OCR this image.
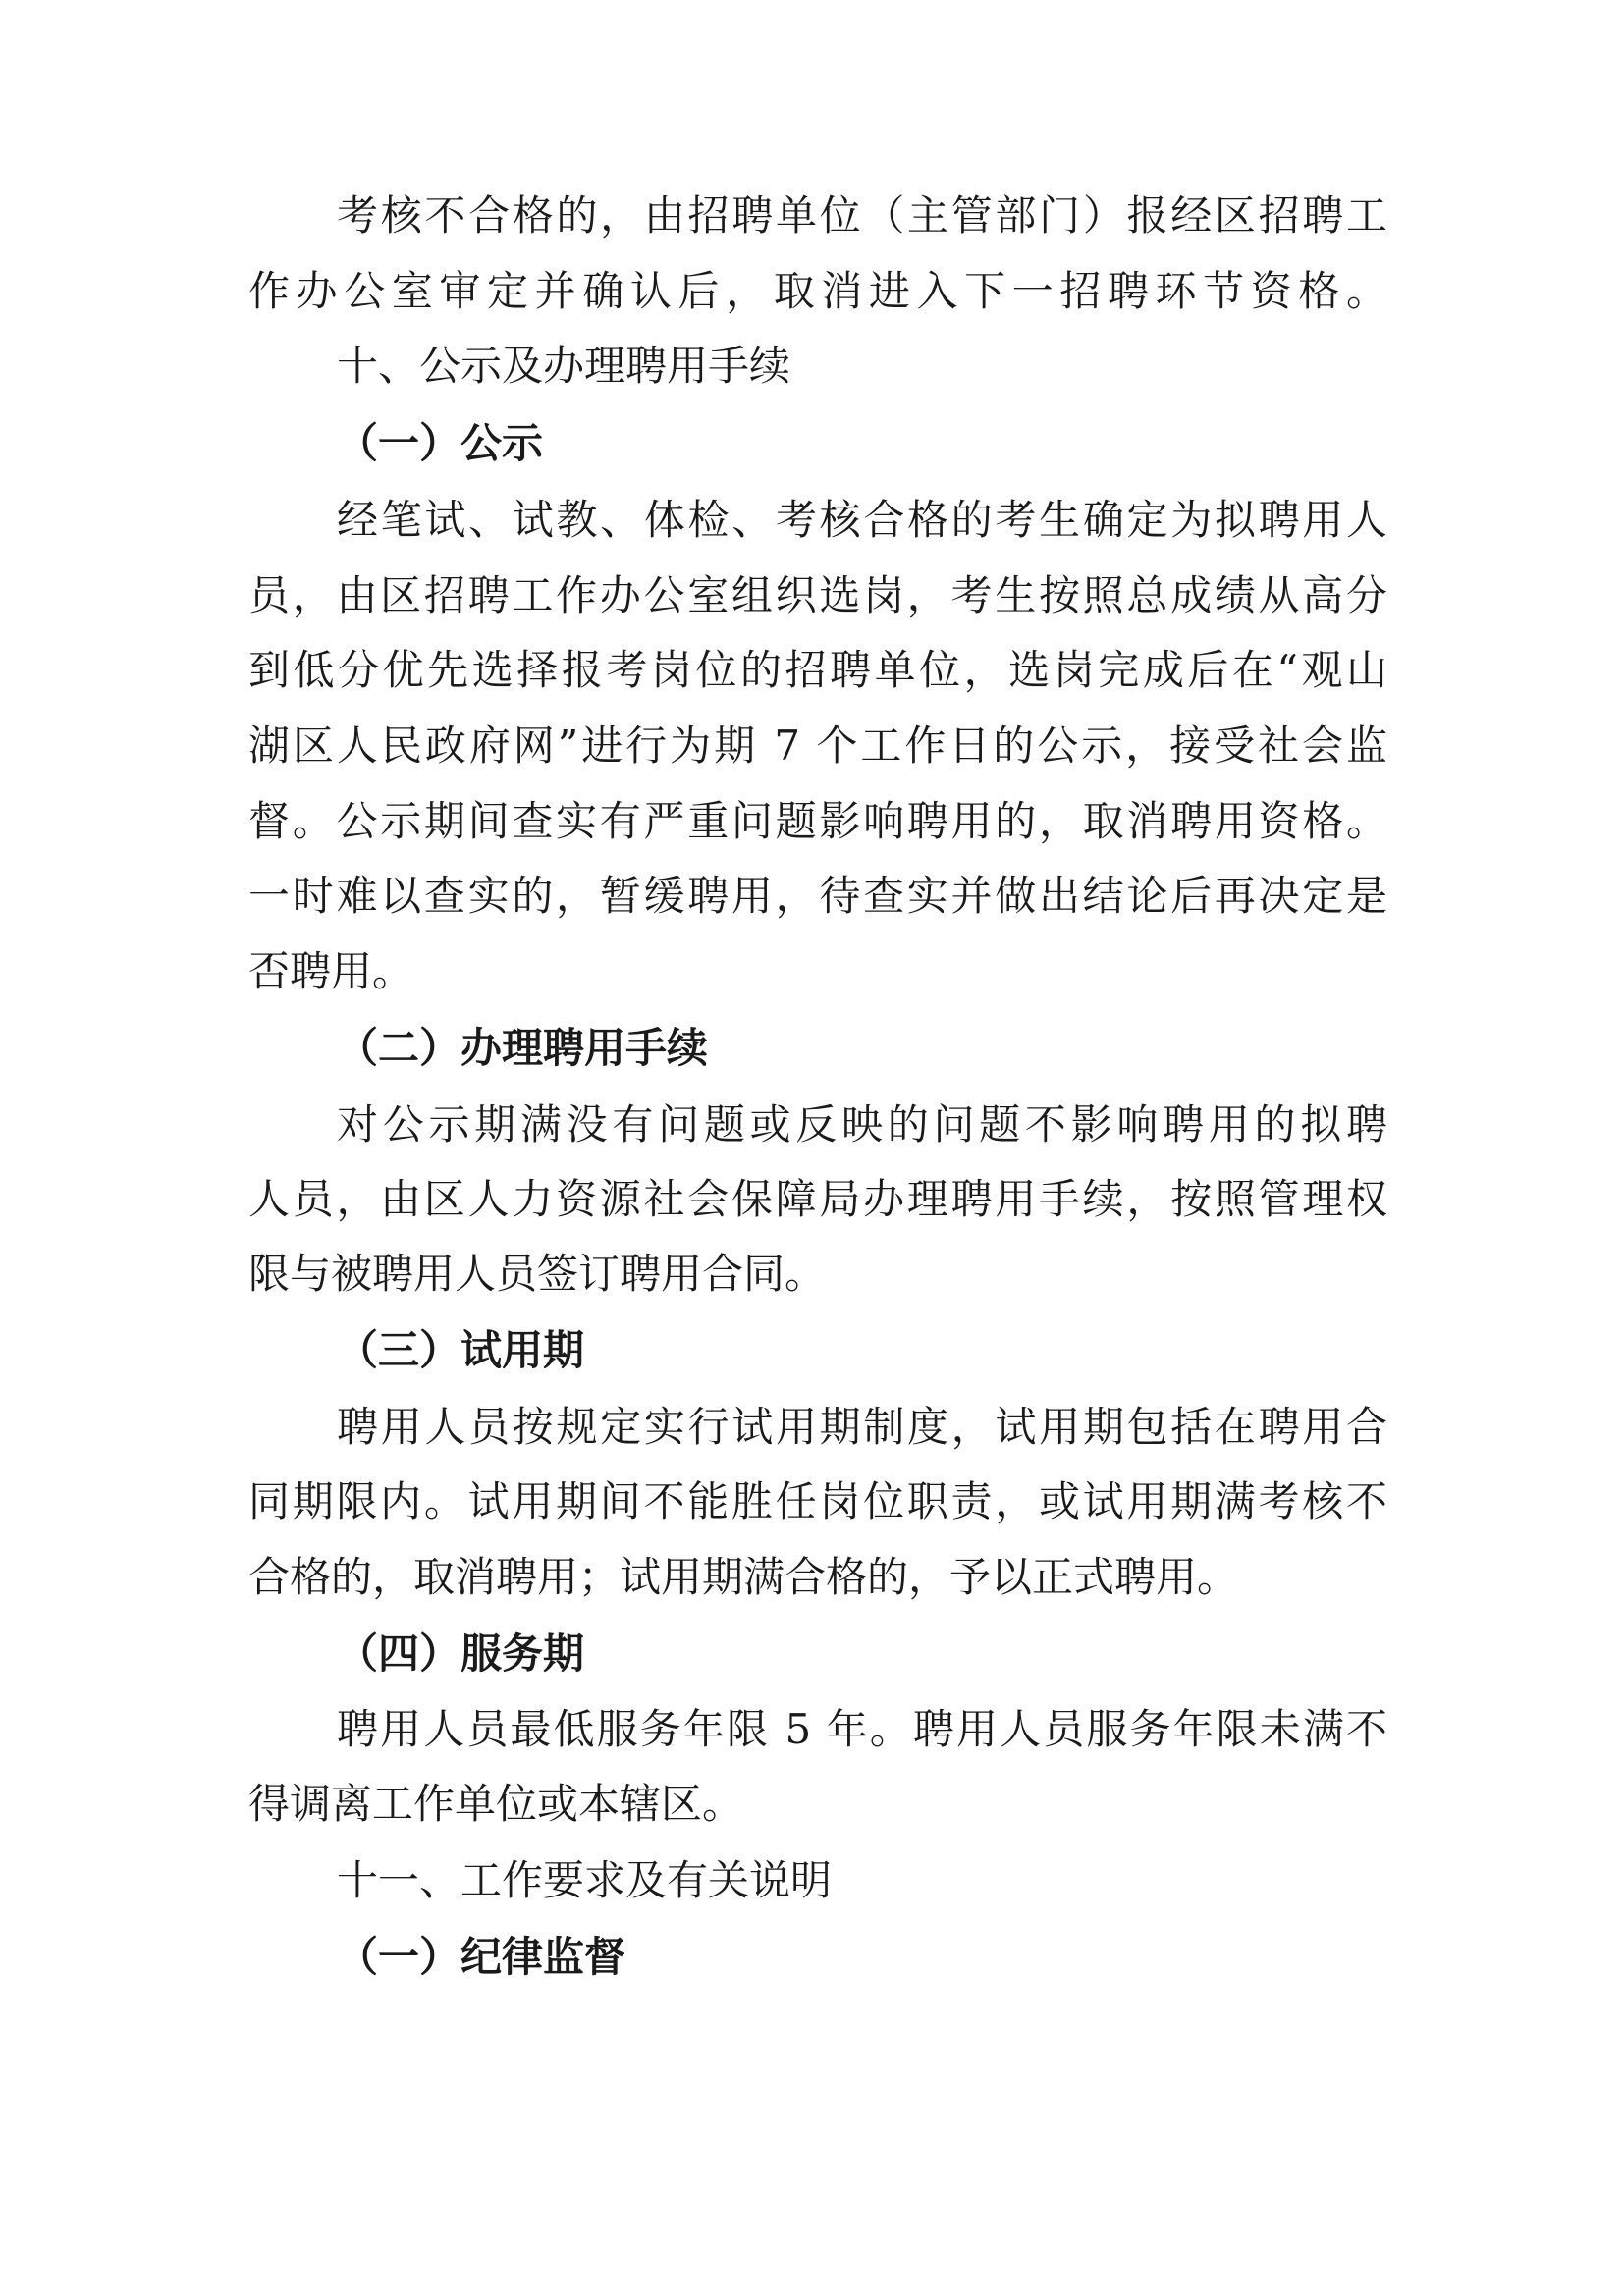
考核不合格的，由招聘单位（主管部门）报经区招聘工
作办公室审定并确认后，取消进入下一招聘环节资格。
十、公示及办理聘用手续
（一）公示
经笔试、试教、体检、考核合格的考生确定为拟聘用人
员，由区招聘工作办公室组织选岗，考生按照总成绩从高分
到低分优先选择报考岗位的招聘单位，选岗完成后在“观山
湖区人民政府网”进行为期 7 个工作日的公示，接受社会监
督。公示期间查实有严重问题影响聘用的，取消聘用资格。
一时难以查实的，暂缓聘用，待查实并做出结论后再决定是
否聘用。
（二）办理聘用手续
对公示期满没有问题或反映的问题不影响聘用的拟聘
人员，由区人力资源社会保障局办理聘用手续，按照管理权
限与被聘用人员签订聘用合同。
（三）试用期
聘用人员按规定实行试用期制度，试用期包括在聘用合
同期限内。试用期间不能胜任岗位职责，或试用期满考核不
合格的，取消聘用；试用期满合格的，予以正式聘用。
（四）服务期
聘用人员最低服务年限 5 年。聘用人员服务年限未满不
得调离工作单位或本辖区。
十一、工作要求及有关说明
（一）纪律监督
